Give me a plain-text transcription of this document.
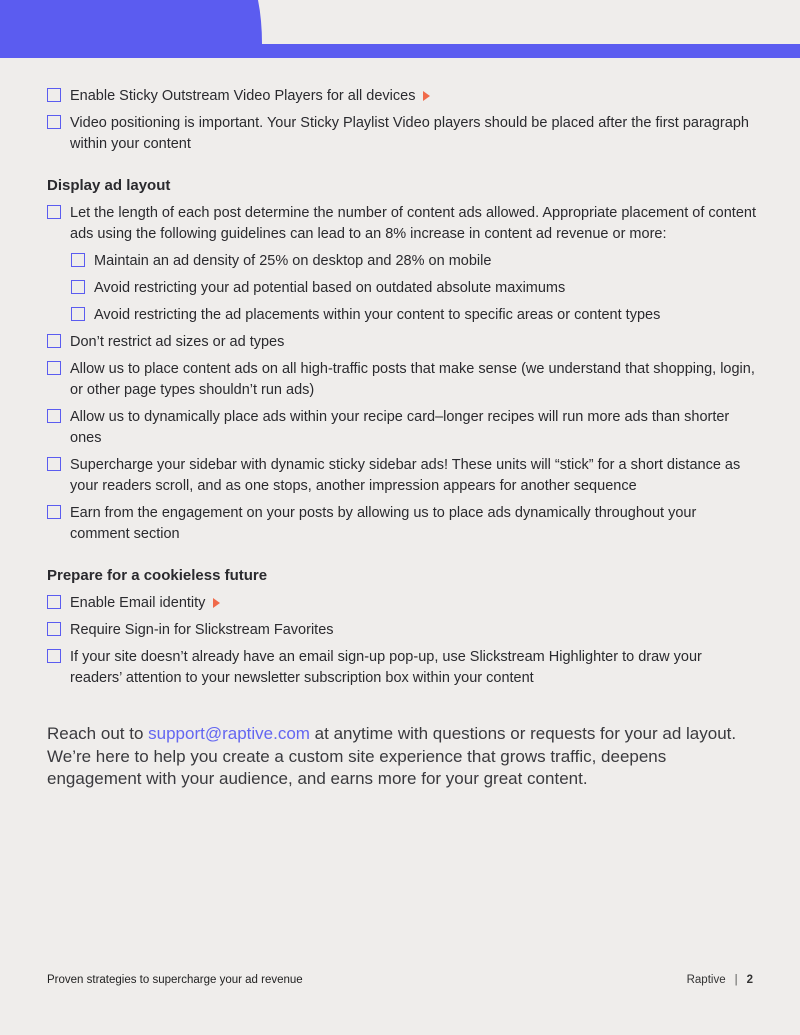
Enable Sticky Outstream Video Players for all devices
Video positioning is important. Your Sticky Playlist Video players should be placed after the first paragraph within your content
Display ad layout
Let the length of each post determine the number of content ads allowed. Appropriate placement of content ads using the following guidelines can lead to an 8% increase in content ad revenue or more:
Maintain an ad density of 25% on desktop and 28% on mobile
Avoid restricting your ad potential based on outdated absolute maximums
Avoid restricting the ad placements within your content to specific areas or content types
Don’t restrict ad sizes or ad types
Allow us to place content ads on all high-traffic posts that make sense (we understand that shopping, login, or other page types shouldn’t run ads)
Allow us to dynamically place ads within your recipe card–longer recipes will run more ads than shorter ones
Supercharge your sidebar with dynamic sticky sidebar ads! These units will “stick” for a short distance as your readers scroll, and as one stops, another impression appears for another sequence
Earn from the engagement on your posts by allowing us to place ads dynamically throughout your comment section
Prepare for a cookieless future
Enable Email identity
Require Sign-in for Slickstream Favorites
If your site doesn’t already have an email sign-up pop-up, use Slickstream Highlighter to draw your readers’ attention to your newsletter subscription box within your content
Reach out to support@raptive.com at anytime with questions or requests for your ad layout. We’re here to help you create a custom site experience that grows traffic, deepens engagement with your audience, and earns more for your great content.
Proven strategies to supercharge your ad revenue	Raptive | 2
